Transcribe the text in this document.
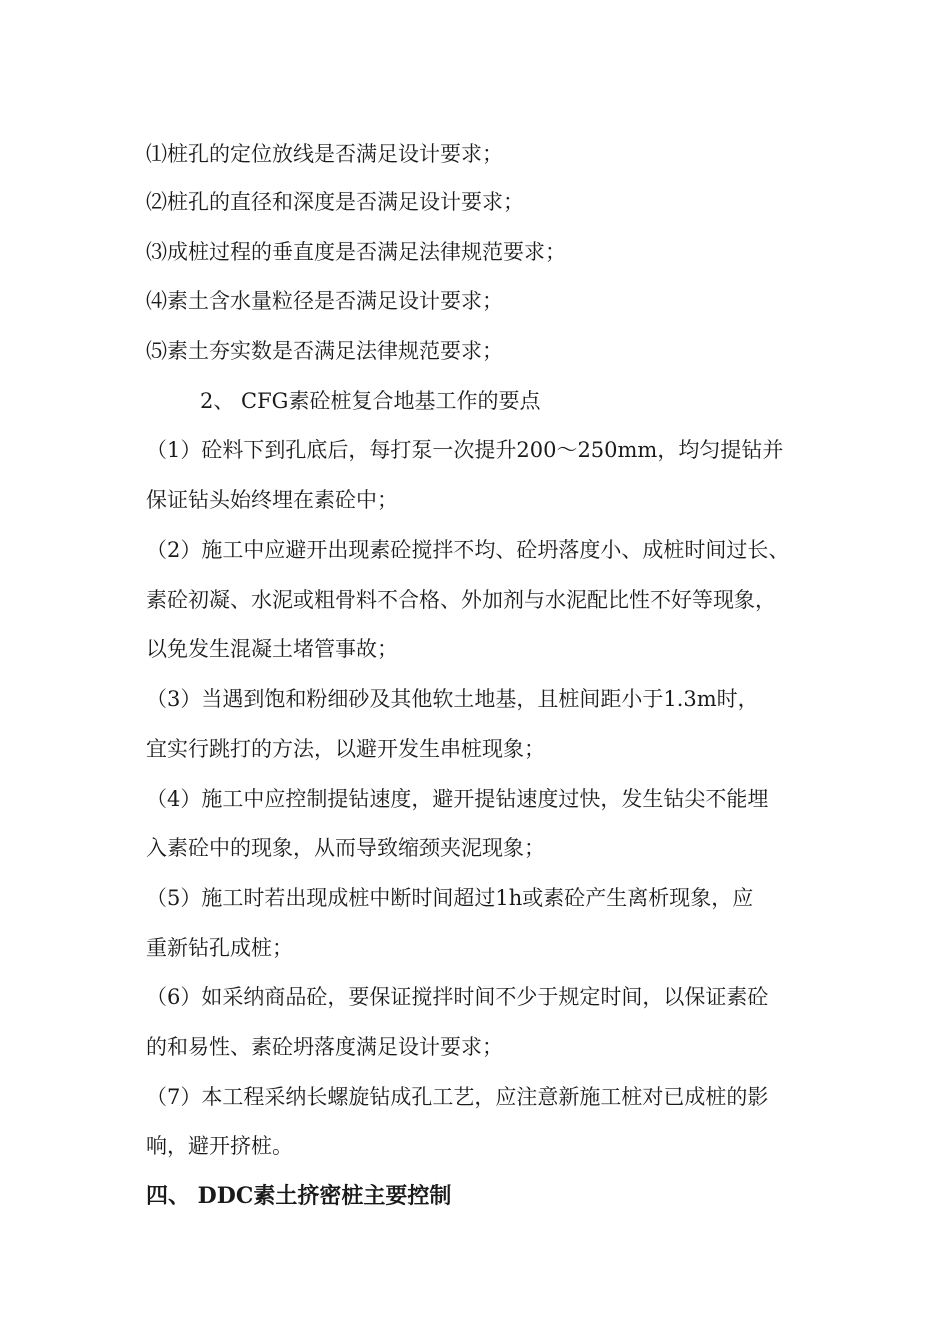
⑴桩孔的定位放线是否满足设计要求；
⑵桩孔的直径和深度是否满足设计要求；
⑶成桩过程的垂直度是否满足法律规范要求；
⑷素土含水量粒径是否满足设计要求；
⑸素土夯实数是否满足法律规范要求；
2、 CFG素砼桩复合地基工作的要点
（1）砼料下到孔底后，每打泵一次提升200～250mm，均匀提钻并
保证钻头始终埋在素砼中；
（2）施工中应避开出现素砼搅拌不均、砼坍落度小、成桩时间过长、
素砼初凝、水泥或粗骨料不合格、外加剂与水泥配比性不好等现象，
以免发生混凝土堵管事故；
（3）当遇到饱和粉细砂及其他软土地基，且桩间距小于1.3m时，
宜实行跳打的方法，以避开发生串桩现象；
（4）施工中应控制提钻速度，避开提钻速度过快，发生钻尖不能埋
入素砼中的现象，从而导致缩颈夹泥现象；
（5）施工时若出现成桩中断时间超过1h或素砼产生离析现象，应
重新钻孔成桩；
（6）如采纳商品砼，要保证搅拌时间不少于规定时间，以保证素砼
的和易性、素砼坍落度满足设计要求；
（7）本工程采纳长螺旋钻成孔工艺，应注意新施工桩对已成桩的影
响，避开挤桩。
四、 DDC素土挤密桩主要控制
